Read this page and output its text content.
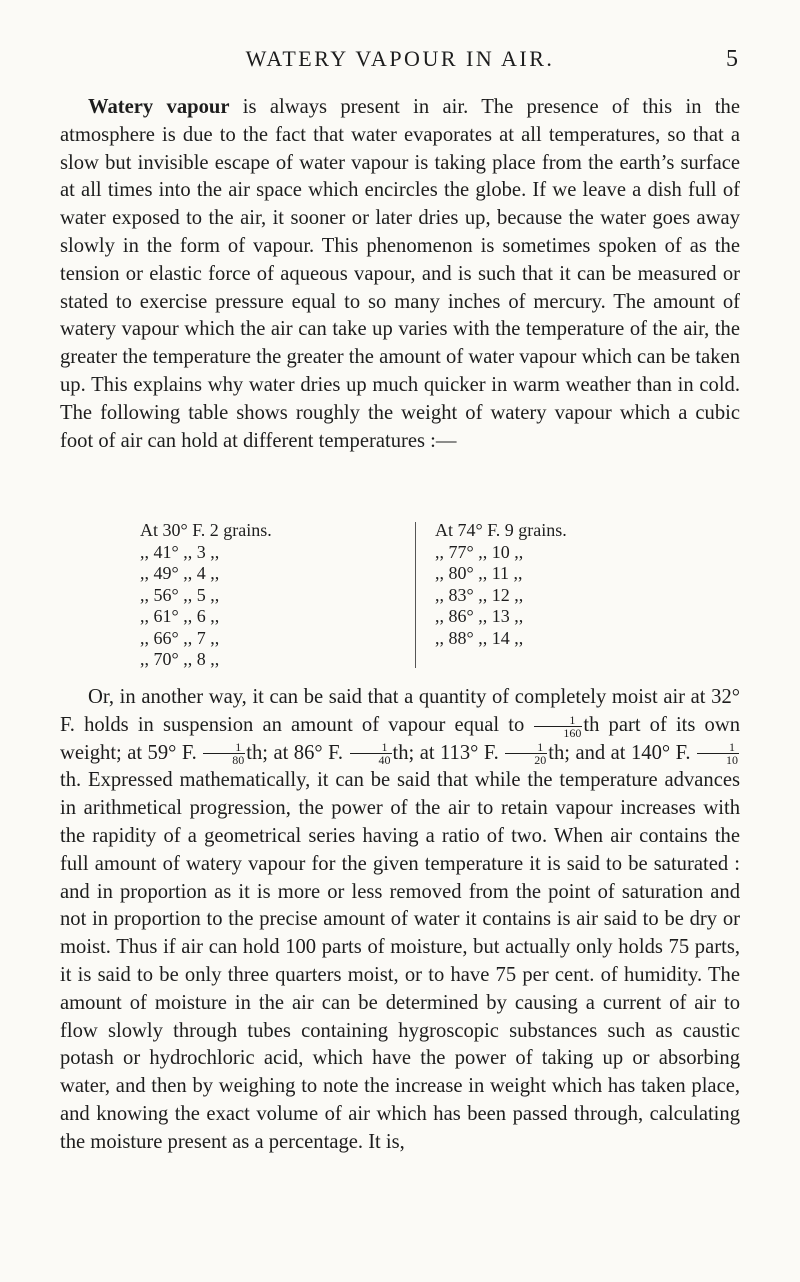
WATERY VAPOUR IN AIR.	5

Watery vapour is always present in air. The presence of this in the atmosphere is due to the fact that water evaporates at all temperatures, so that a slow but invisible escape of water vapour is taking place from the earth’s surface at all times into the air space which encircles the globe. If we leave a dish full of water exposed to the air, it sooner or later dries up, because the water goes away slowly in the form of vapour. This phenomenon is sometimes spoken of as the tension or elastic force of aqueous vapour, and is such that it can be measured or stated to exercise pressure equal to so many inches of mercury. The amount of watery vapour which the air can take up varies with the temperature of the air, the greater the temperature the greater the amount of water vapour which can be taken up. This explains why water dries up much quicker in warm weather than in cold. The following table shows roughly the weight of watery vapour which a cubic foot of air can hold at different temperatures :—

At 30° F. 2 grains.
,, 41° ,, 3 ,,
,, 49° ,, 4 ,,
,, 56° ,, 5 ,,
,, 61° ,, 6 ,,
,, 66° ,, 7 ,,
,, 70° ,, 8 ,,
At 74° F. 9 grains.
,, 77° ,, 10 ,,
,, 80° ,, 11 ,,
,, 83° ,, 12 ,,
,, 86° ,, 13 ,,
,, 88° ,, 14 ,,

Or, in another way, it can be said that a quantity of completely moist air at 32° F. holds in suspension an amount of vapour equal to $\frac{1}{160}$ th part of its own weight; at 59° F. $\frac{1}{80}$ th; at 86° F. $\frac{1}{40}$ th; at 113° F. $\frac{1}{20}$ th; and at 140° F. $\frac{1}{10}$
th. Expressed mathematically, it can be said that while the temperature advances in arithmetical progression, the power of the air to retain vapour increases with the rapidity of a geometrical series having a ratio of two. When air contains the full amount of watery vapour for the given temperature it is said to be saturated : and in proportion as it is more or less removed from the point of saturation and not in proportion to the precise amount of water it contains is air said to be dry or moist. Thus if air can hold 100 parts of moisture, but actually only holds 75 parts, it is said to be only three quarters moist, or to have 75 per cent. of humidity. The amount of moisture in the air can be determined by causing a current of air to flow slowly through tubes containing hygroscopic substances such as caustic potash or hydrochloric acid, which have the power of taking up or absorbing water, and then by weighing to note the increase in weight which has taken place, and knowing the exact volume of air which has been passed through, calculating the moisture present as a percentage. It is,
